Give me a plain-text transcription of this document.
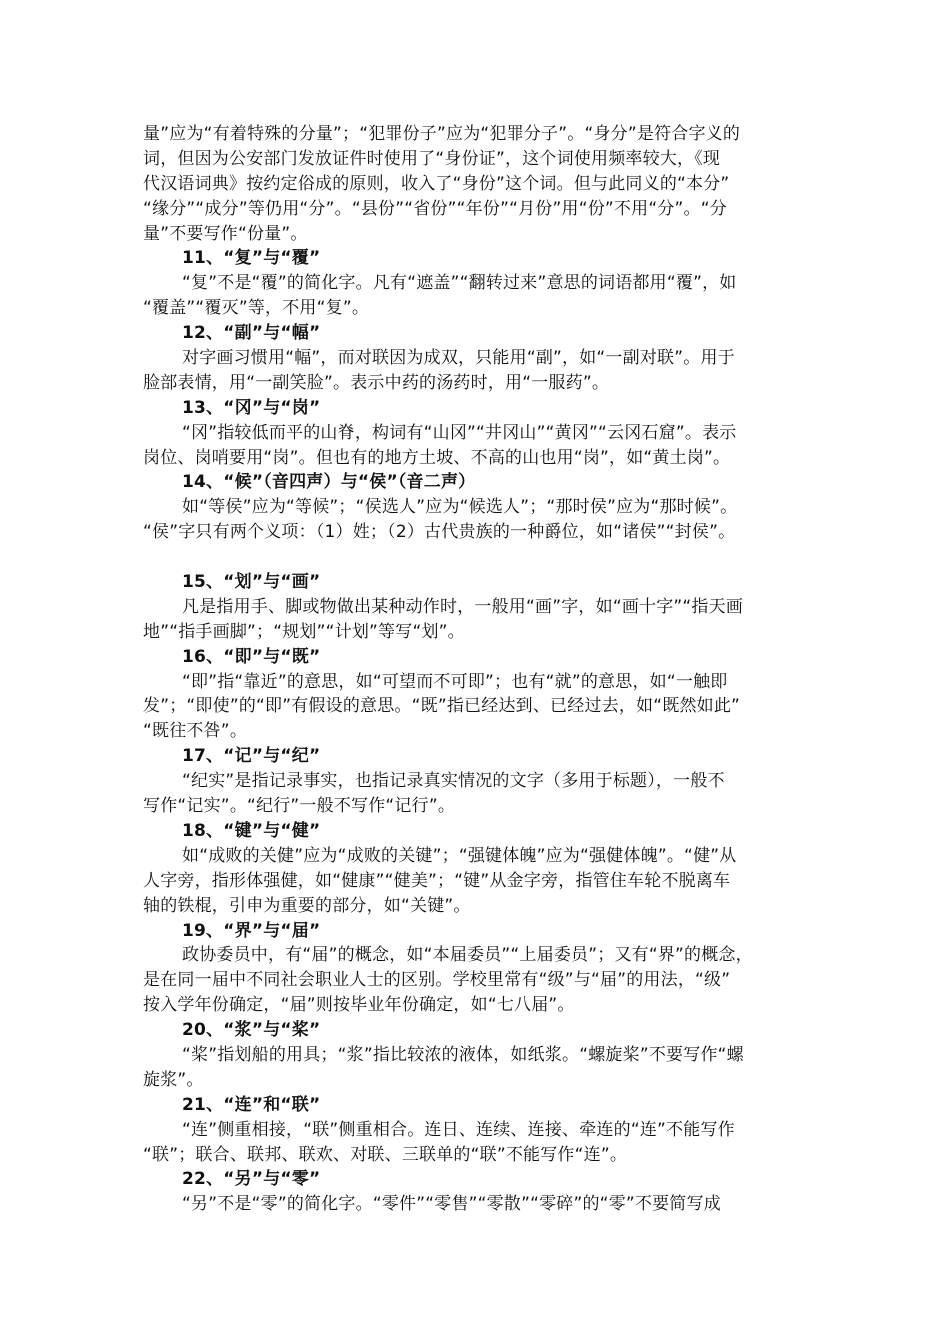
量”应为“有着特殊的分量”；“犯罪份子”应为“犯罪分子”。“身分”是符合字义的
词，但因为公安部门发放证件时使用了“身份证”，这个词使用频率较大，《现
代汉语词典》按约定俗成的原则，收入了“身份”这个词。但与此同义的“本分”
“缘分”“成分”等仍用“分”。“县份”“省份”“年份”“月份”用“份”不用“分”。“分
量”不要写作“份量”。
11、“复”与“覆”
“复”不是“覆”的简化字。凡有“遮盖”“翻转过来”意思的词语都用“覆”，如
“覆盖”“覆灭”等，不用“复”。
12、“副”与“幅”
对字画习惯用“幅”，而对联因为成双，只能用“副”，如“一副对联”。用于
脸部表情，用“一副笑脸”。表示中药的汤药时，用“一服药”。
13、“冈”与“岗”
“冈”指较低而平的山脊，构词有“山冈”“井冈山”“黄冈”“云冈石窟”。表示
岗位、岗哨要用“岗”。但也有的地方土坡、不高的山也用“岗”，如“黄土岗”。
14、“候”（音四声）与“侯”（音二声）
如“等侯”应为“等候”；“侯选人”应为“候选人”；“那时侯”应为“那时候”。
“侯”字只有两个义项：（1）姓；（2）古代贵族的一种爵位，如“诸侯”“封侯”。
15、“划”与“画”
凡是指用手、脚或物做出某种动作时，一般用“画”字，如“画十字”“指天画
地”“指手画脚”；“规划”“计划”等写“划”。
16、“即”与“既”
“即”指“靠近”的意思，如“可望而不可即”；也有“就”的意思，如“一触即
发”；“即使”的“即”有假设的意思。“既”指已经达到、已经过去，如“既然如此”
“既往不咎”。
17、“记”与“纪”
“纪实”是指记录事实，也指记录真实情况的文字（多用于标题），一般不
写作“记实”。“纪行”一般不写作“记行”。
18、“键”与“健”
如“成败的关健”应为“成败的关键”；“强键体魄”应为“强健体魄”。“健”从
人字旁，指形体强健，如“健康”“健美”；“键”从金字旁，指管住车轮不脱离车
轴的铁棍，引申为重要的部分，如“关键”。
19、“界”与“届”
政协委员中，有“届”的概念，如“本届委员”“上届委员”；又有“界”的概念，
是在同一届中不同社会职业人士的区别。学校里常有“级”与“届”的用法，“级”
按入学年份确定，“届”则按毕业年份确定，如“七八届”。
20、“浆”与“桨”
“桨”指划船的用具；“浆”指比较浓的液体，如纸浆。“螺旋桨”不要写作“螺
旋浆”。
21、“连”和“联”
“连”侧重相接，“联”侧重相合。连日、连续、连接、牵连的“连”不能写作
“联”；联合、联邦、联欢、对联、三联单的“联”不能写作“连”。
22、“另”与“零”
“另”不是“零”的简化字。“零件”“零售”“零散”“零碎”的“零”不要简写成
